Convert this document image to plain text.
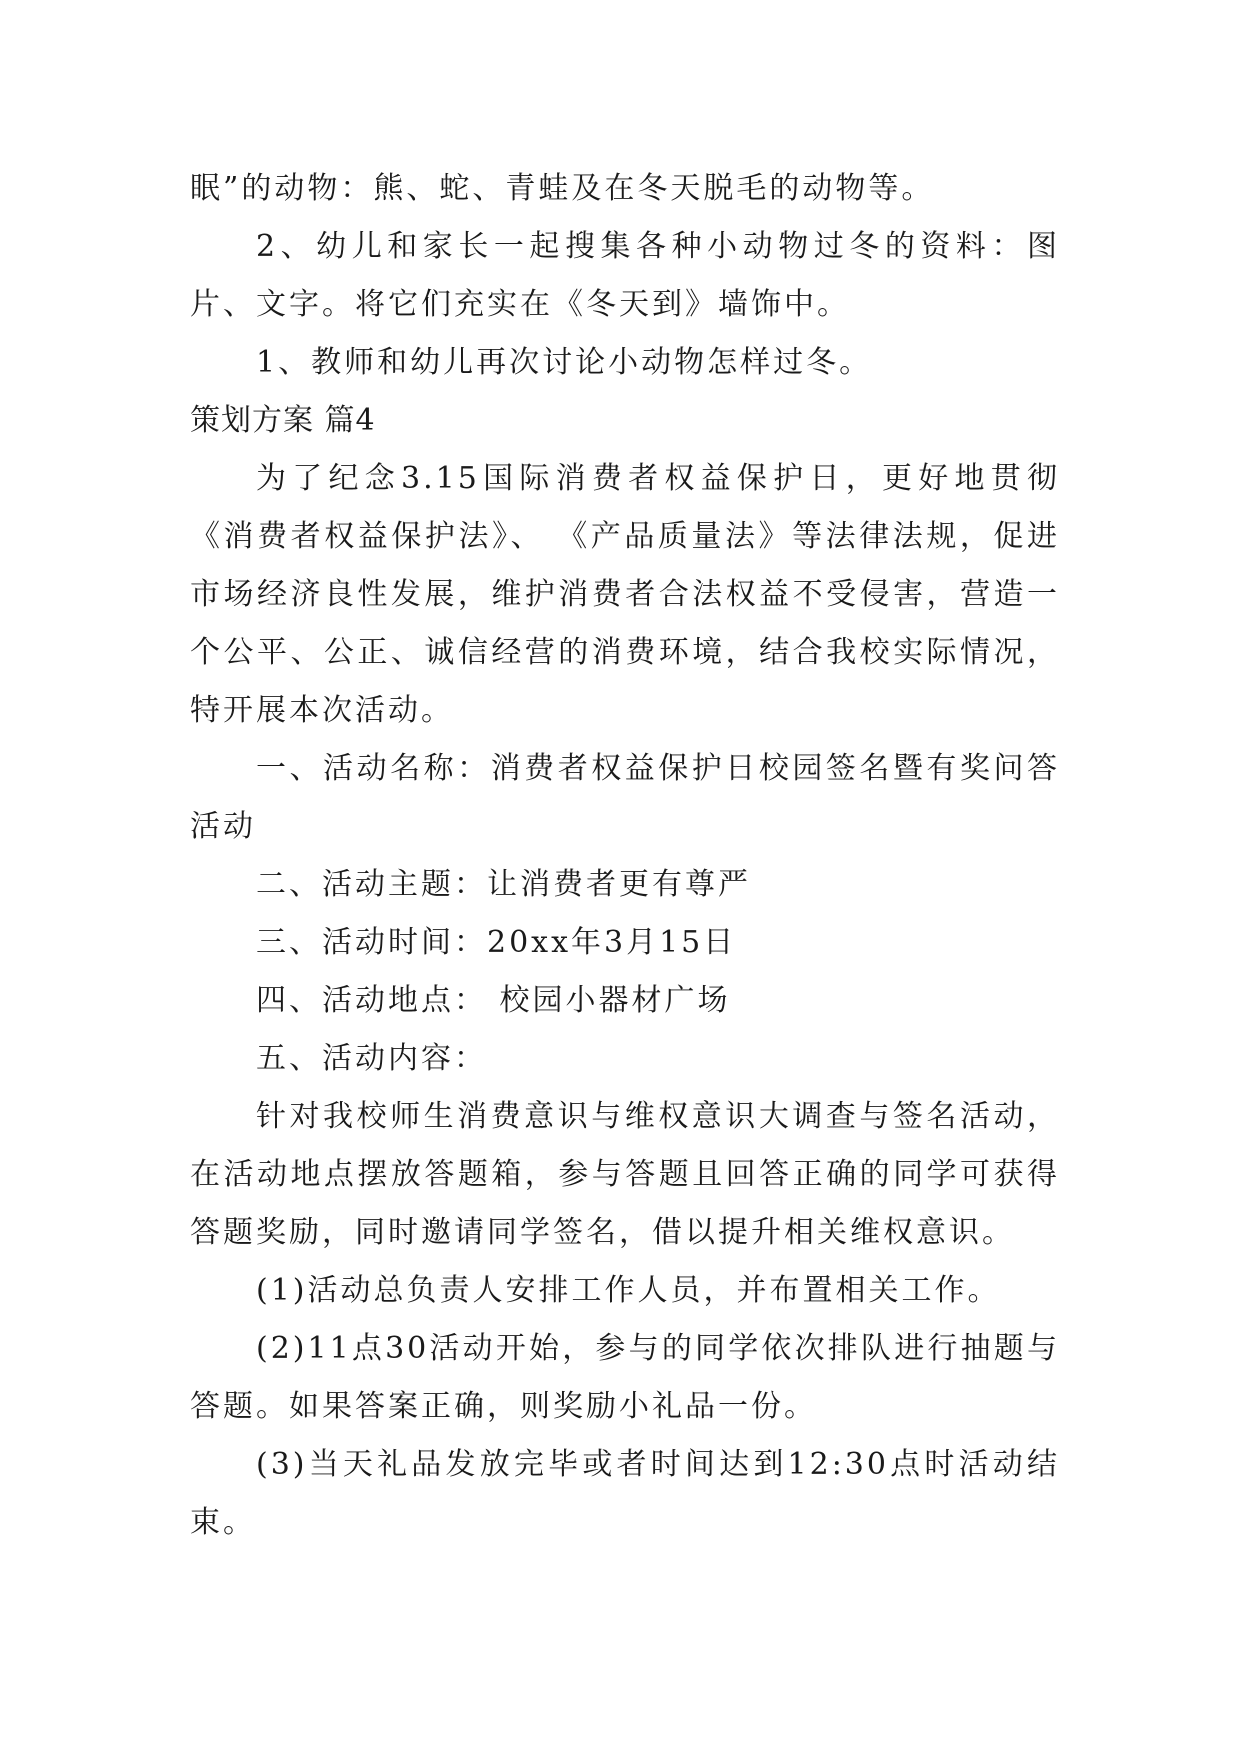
眠”的动物：熊、蛇、青蛙及在冬天脱毛的动物等。

2、幼儿和家长一起搜集各种小动物过冬的资料：图片、文字。将它们充实在《冬天到》墙饰中。

1、教师和幼儿再次讨论小动物怎样过冬。

策划方案 篇4

为了纪念3.15国际消费者权益保护日，更好地贯彻《消费者权益保护法》、 《产品质量法》等法律法规，促进市场经济良性发展，维护消费者合法权益不受侵害，营造一个公平、公正、诚信经营的消费环境，结合我校实际情况，特开展本次活动。

一、活动名称：消费者权益保护日校园签名暨有奖问答活动

二、活动主题：让消费者更有尊严

三、活动时间：20xx年3月15日

四、活动地点： 校园小器材广场

五、活动内容：

针对我校师生消费意识与维权意识大调查与签名活动，在活动地点摆放答题箱，参与答题且回答正确的同学可获得答题奖励，同时邀请同学签名，借以提升相关维权意识。

(1)活动总负责人安排工作人员，并布置相关工作。

(2)11点30活动开始，参与的同学依次排队进行抽题与答题。如果答案正确，则奖励小礼品一份。

(3)当天礼品发放完毕或者时间达到12:30点时活动结束。
